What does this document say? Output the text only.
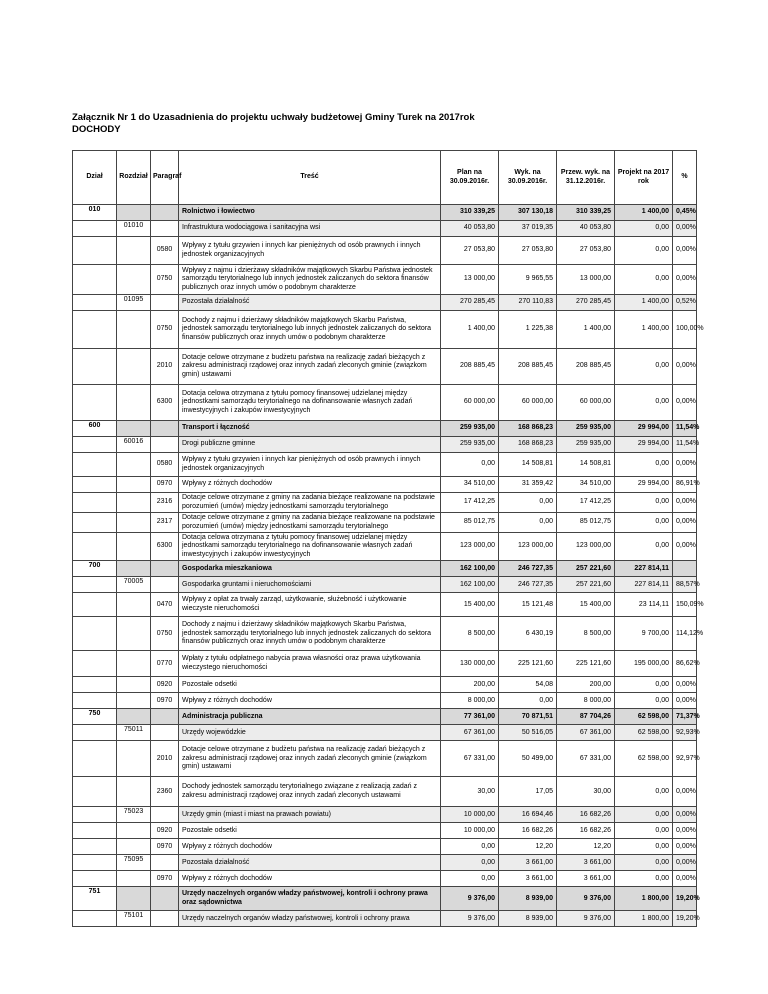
Załącznik Nr 1 do Uzasadnienia do projektu uchwały budżetowej Gminy Turek na 2017rok
DOCHODY
Dział	Rozdział	Paragraf	Treść	Plan na 30.09.2016r.	Wyk. na 30.09.2016r.	Przew. wyk. na 31.12.2016r.	Projekt na 2017 rok	%
010			Rolnictwo i łowiectwo	310 339,25	307 130,18	310 339,25	1 400,00	0,45%
	01010		Infrastruktura wodociągowa i sanitacyjna wsi	40 053,80	37 019,35	40 053,80	0,00	0,00%
		0580	Wpływy z tytułu grzywien i innych kar pieniężnych od osób prawnych i innych jednostek organizacyjnych	27 053,80	27 053,80	27 053,80	0,00	0,00%
		0750	Wpływy z najmu i dzierżawy składników majątkowych Skarbu Państwa jednostek samorządu terytorialnego lub innych jednostek zaliczanych do sektora finansów publicznych oraz innych umów o podobnym charakterze	13 000,00	9 965,55	13 000,00	0,00	0,00%
	01095		Pozostała działalność	270 285,45	270 110,83	270 285,45	1 400,00	0,52%
		0750	Dochody z najmu i dzierżawy składników majątkowych Skarbu Państwa, jednostek samorządu terytorialnego lub innych jednostek zaliczanych do sektora finansów publicznych oraz innych umów o podobnym charakterze	1 400,00	1 225,38	1 400,00	1 400,00	100,00%
		2010	Dotacje celowe otrzymane z budżetu państwa na realizację zadań bieżących z zakresu administracji rządowej oraz innych zadań zleconych gminie (związkom gmin) ustawami	208 885,45	208 885,45	208 885,45	0,00	0,00%
		6300	Dotacja celowa otrzymana z tytułu pomocy finansowej udzielanej między jednostkami samorządu terytorialnego na dofinansowanie własnych zadań inwestycyjnych i zakupów inwestycyjnych	60 000,00	60 000,00	60 000,00	0,00	0,00%
600			Transport i łączność	259 935,00	168 868,23	259 935,00	29 994,00	11,54%
	60016		Drogi publiczne gminne	259 935,00	168 868,23	259 935,00	29 994,00	11,54%
		0580	Wpływy z tytułu grzywien i innych kar pieniężnych od osób prawnych i innych jednostek organizacyjnych	0,00	14 508,81	14 508,81	0,00	0,00%
		0970	Wpływy z różnych dochodów	34 510,00	31 359,42	34 510,00	29 994,00	86,91%
		2316	Dotacje celowe otrzymane z gminy na zadania bieżące realizowane na podstawie porozumień (umów) między jednostkami samorządu terytorialnego	17 412,25	0,00	17 412,25	0,00	0,00%
		2317	Dotacje celowe otrzymane z gminy na zadania bieżące realizowane na podstawie porozumień (umów) między jednostkami samorządu terytorialnego	85 012,75	0,00	85 012,75	0,00	0,00%
		6300	Dotacja celowa otrzymana z tytułu pomocy finansowej udzielanej między jednostkami samorządu terytorialnego na dofinansowanie własnych zadań inwestycyjnych i zakupów inwestycyjnych	123 000,00	123 000,00	123 000,00	0,00	0,00%
700			Gospodarka mieszkaniowa	162 100,00	246 727,35	257 221,60	227 814,11	
	70005		Gospodarka gruntami i nieruchomościami	162 100,00	246 727,35	257 221,60	227 814,11	88,57%
		0470	Wpływy z opłat za trwały zarząd, użytkowanie, służebność i użytkowanie wieczyste nieruchomości	15 400,00	15 121,48	15 400,00	23 114,11	150,09%
		0750	Dochody z najmu i dzierżawy składników majątkowych Skarbu Państwa, jednostek samorządu terytorialnego lub innych jednostek zaliczanych do sektora finansów publicznych oraz innych umów o podobnym charakterze	8 500,00	6 430,19	8 500,00	9 700,00	114,12%
		0770	Wpłaty z tytułu odpłatnego nabycia prawa własności oraz prawa użytkowania wieczystego nieruchomości	130 000,00	225 121,60	225 121,60	195 000,00	86,62%
		0920	Pozostałe odsetki	200,00	54,08	200,00	0,00	0,00%
		0970	Wpływy z różnych dochodów	8 000,00	0,00	8 000,00	0,00	0,00%
750			Administracja publiczna	77 361,00	70 871,51	87 704,26	62 598,00	71,37%
	75011		Urzędy wojewódzkie	67 361,00	50 516,05	67 361,00	62 598,00	92,93%
		2010	Dotacje celowe otrzymane z budżetu państwa na realizację zadań bieżących z zakresu administracji rządowej oraz innych zadań zleconych gminie (związkom gmin) ustawami	67 331,00	50 499,00	67 331,00	62 598,00	92,97%
		2360	Dochody jednostek samorządu terytorialnego związane z realizacją zadań z zakresu administracji rządowej oraz innych zadań zleconych ustawami	30,00	17,05	30,00	0,00	0,00%
	75023		Urzędy gmin (miast i miast na prawach powiatu)	10 000,00	16 694,46	16 682,26	0,00	0,00%
		0920	Pozostałe odsetki	10 000,00	16 682,26	16 682,26	0,00	0,00%
		0970	Wpływy z różnych dochodów	0,00	12,20	12,20	0,00	0,00%
	75095		Pozostała działalność	0,00	3 661,00	3 661,00	0,00	0,00%
		0970	Wpływy z różnych dochodów	0,00	3 661,00	3 661,00	0,00	0,00%
751			Urzędy naczelnych organów władzy państwowej, kontroli i ochrony prawa oraz sądownictwa	9 376,00	8 939,00	9 376,00	1 800,00	19,20%
	75101		Urzędy naczelnych organów władzy państwowej, kontroli i ochrony prawa	9 376,00	8 939,00	9 376,00	1 800,00	19,20%
